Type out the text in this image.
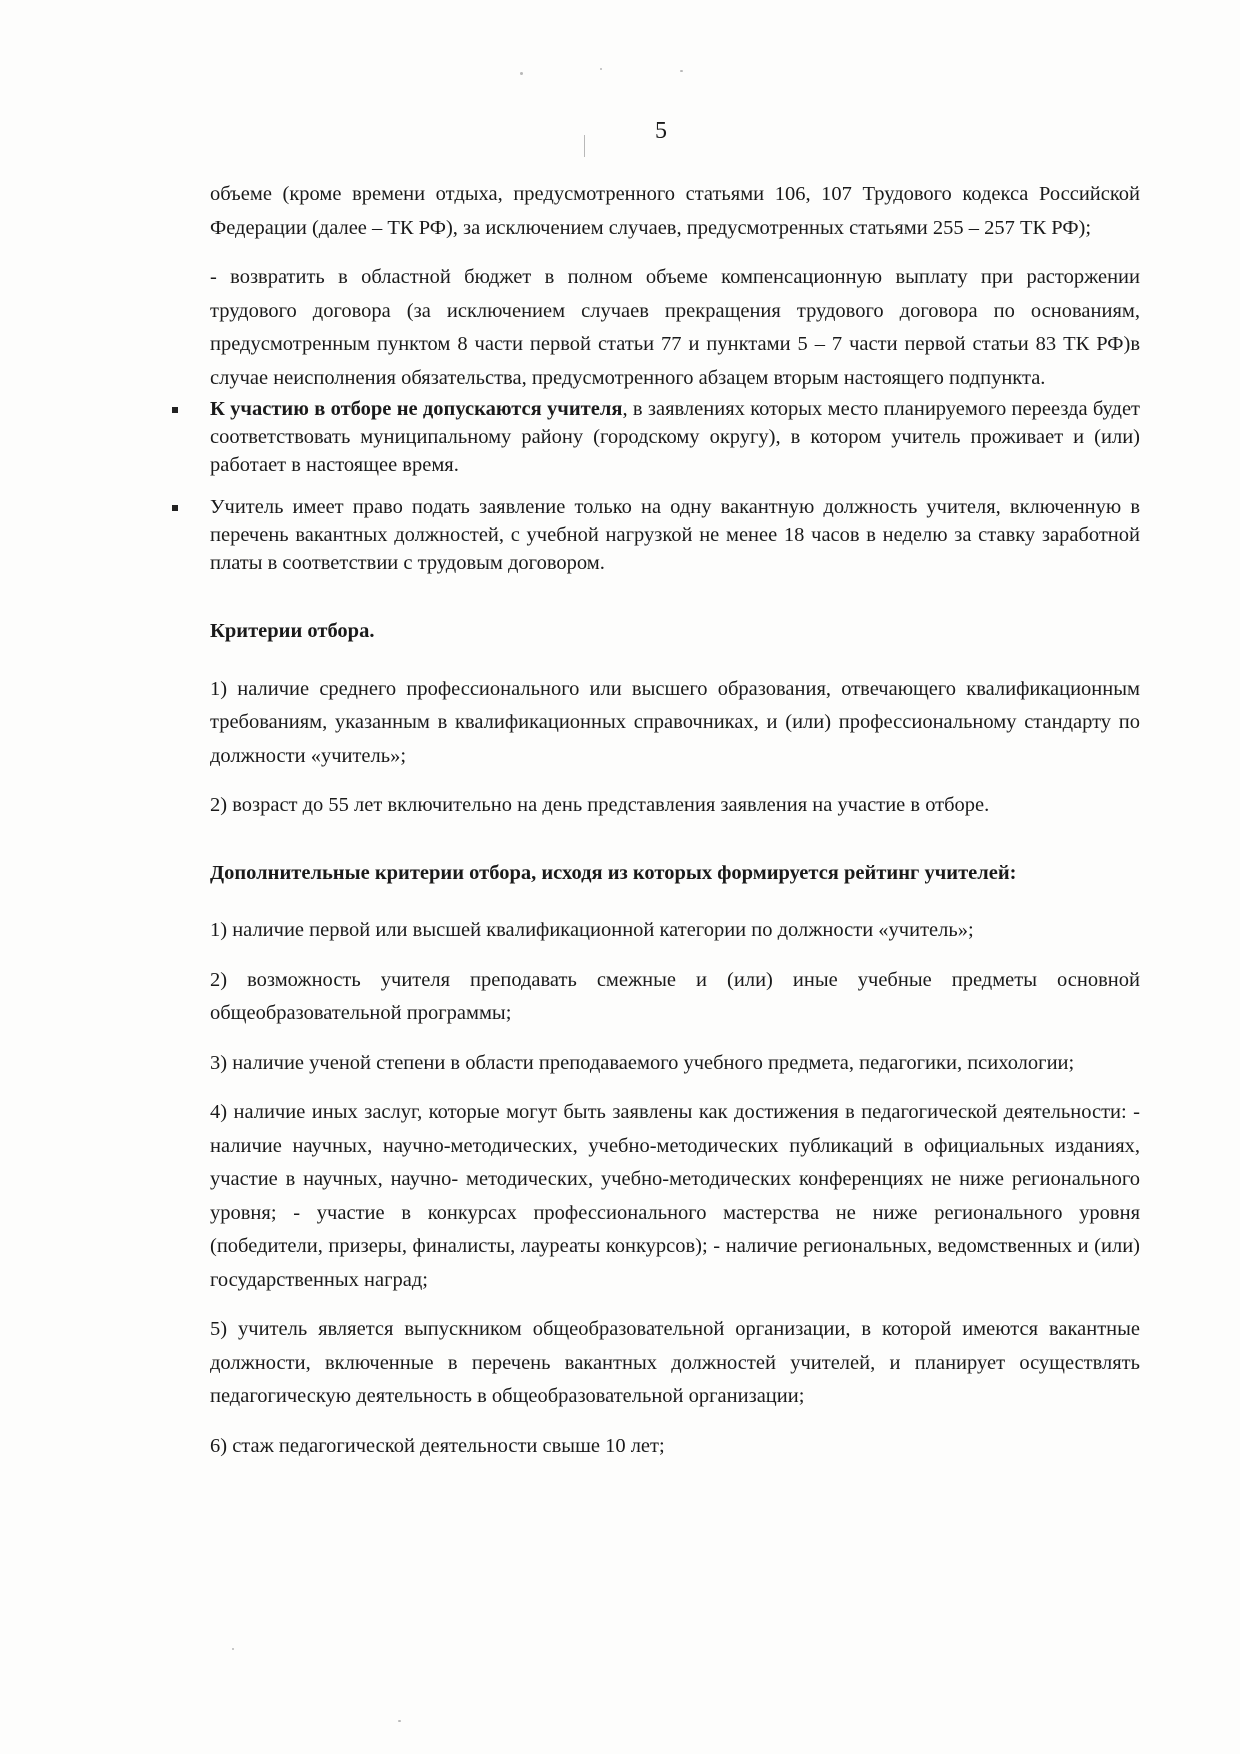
5

объеме (кроме времени отдыха, предусмотренного статьями 106, 107 Трудового кодекса Российской Федерации (далее – ТК РФ), за исключением случаев, предусмотренных статьями 255 – 257 ТК РФ);

- возвратить в областной бюджет в полном объеме компенсационную выплату при расторжении трудового договора (за исключением случаев прекращения трудового договора по основаниям, предусмотренным пунктом 8 части первой статьи 77 и пунктами 5 – 7 части первой статьи 83 ТК РФ)в случае неисполнения обязательства, предусмотренного абзацем вторым настоящего подпункта.

К участию в отборе не допускаются учителя, в заявлениях которых место планируемого переезда будет соответствовать муниципальному району (городскому округу), в котором учитель проживает и (или) работает в настоящее время.
Учитель имеет право подать заявление только на одну вакантную должность учителя, включенную в перечень вакантных должностей, с учебной нагрузкой не менее 18 часов в неделю за ставку заработной платы в соответствии с трудовым договором.

Критерии отбора.

1) наличие среднего профессионального или высшего образования, отвечающего квалификационным требованиям, указанным в квалификационных справочниках, и (или) профессиональному стандарту по должности «учитель»;

2) возраст до 55 лет включительно на день представления заявления на участие в отборе.

Дополнительные критерии отбора, исходя из которых формируется рейтинг учителей:

1) наличие первой или высшей квалификационной категории по должности «учитель»;

2) возможность учителя преподавать смежные и (или) иные учебные предметы основной общеобразовательной программы;

3) наличие ученой степени в области преподаваемого учебного предмета, педагогики, психологии;

4) наличие иных заслуг, которые могут быть заявлены как достижения в педагогической деятельности: - наличие научных, научно-методических, учебно-методических публикаций в официальных изданиях, участие в научных, научно- методических, учебно-методических конференциях не ниже регионального уровня; - участие в конкурсах профессионального мастерства не ниже регионального уровня (победители, призеры, финалисты, лауреаты конкурсов); - наличие региональных, ведомственных и (или) государственных наград;

5) учитель является выпускником общеобразовательной организации, в которой имеются вакантные должности, включенные в перечень вакантных должностей учителей, и планирует осуществлять педагогическую деятельность в общеобразовательной организации;

6) стаж педагогической деятельности свыше 10 лет;
